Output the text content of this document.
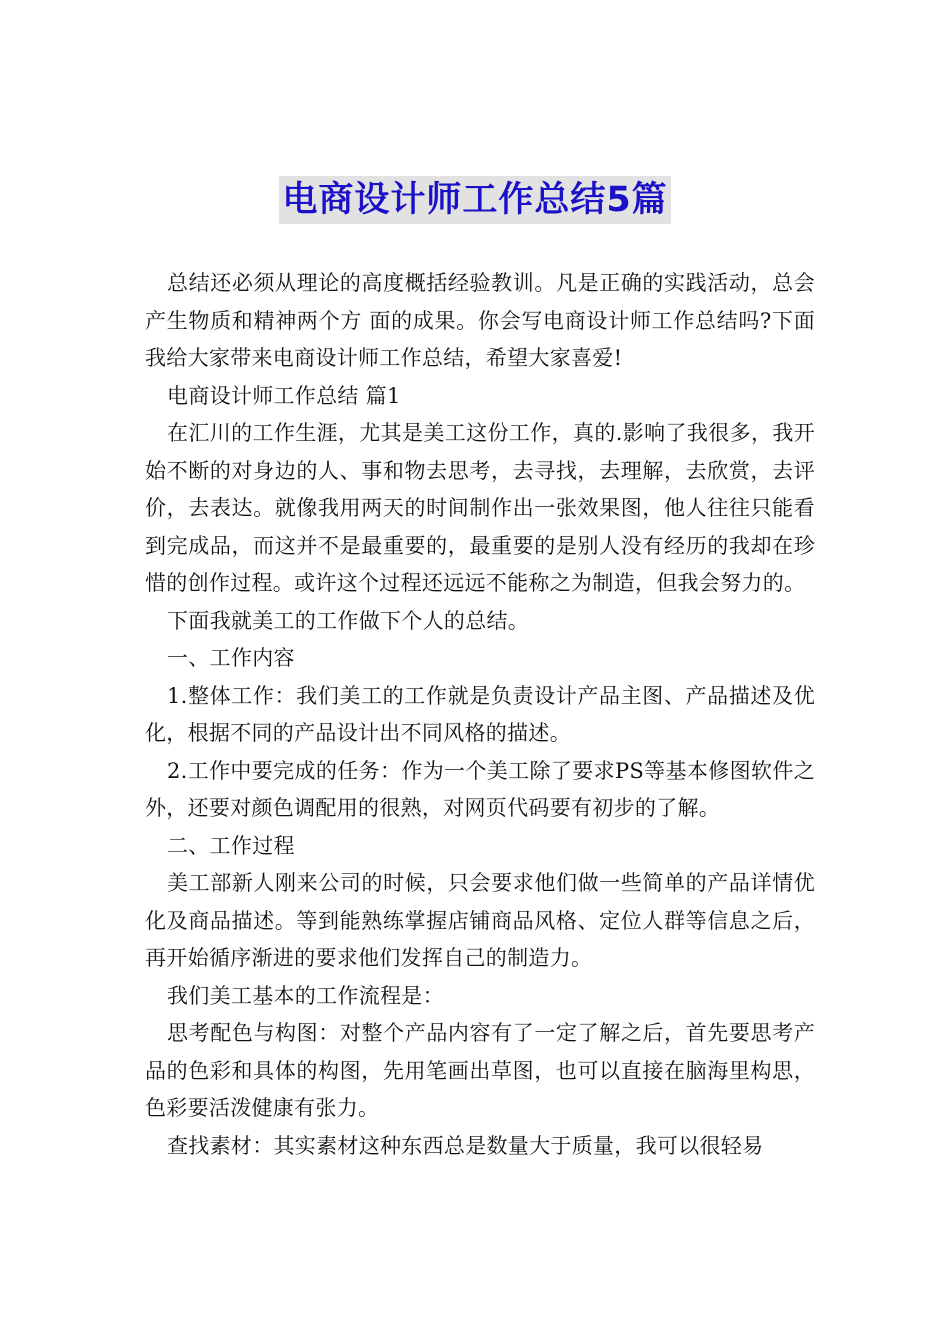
电商设计师工作总结5篇

总结还必须从理论的高度概括经验教训。凡是正确的实践活动，总会产生物质和精神两个方 面的成果。你会写电商设计师工作总结吗?下面我给大家带来电商设计师工作总结，希望大家喜爱!

电商设计师工作总结 篇1

在汇川的工作生涯，尤其是美工这份工作，真的.影响了我很多，我开始不断的对身边的人、事和物去思考，去寻找，去理解，去欣赏，去评价，去表达。就像我用两天的时间制作出一张效果图，他人往往只能看到完成品，而这并不是最重要的，最重要的是别人没有经历的我却在珍惜的创作过程。或许这个过程还远远不能称之为制造，但我会努力的。

下面我就美工的工作做下个人的总结。

一、工作内容

1.整体工作：我们美工的工作就是负责设计产品主图、产品描述及优化，根据不同的产品设计出不同风格的描述。

2.工作中要完成的任务：作为一个美工除了要求PS等基本修图软件之外，还要对颜色调配用的很熟，对网页代码要有初步的了解。

二、工作过程

美工部新人刚来公司的时候，只会要求他们做一些简单的产品详情优化及商品描述。等到能熟练掌握店铺商品风格、定位人群等信息之后，再开始循序渐进的要求他们发挥自己的制造力。

我们美工基本的工作流程是：

思考配色与构图：对整个产品内容有了一定了解之后，首先要思考产品的色彩和具体的构图，先用笔画出草图，也可以直接在脑海里构思，色彩要活泼健康有张力。

查找素材：其实素材这种东西总是数量大于质量，我可以很轻易
